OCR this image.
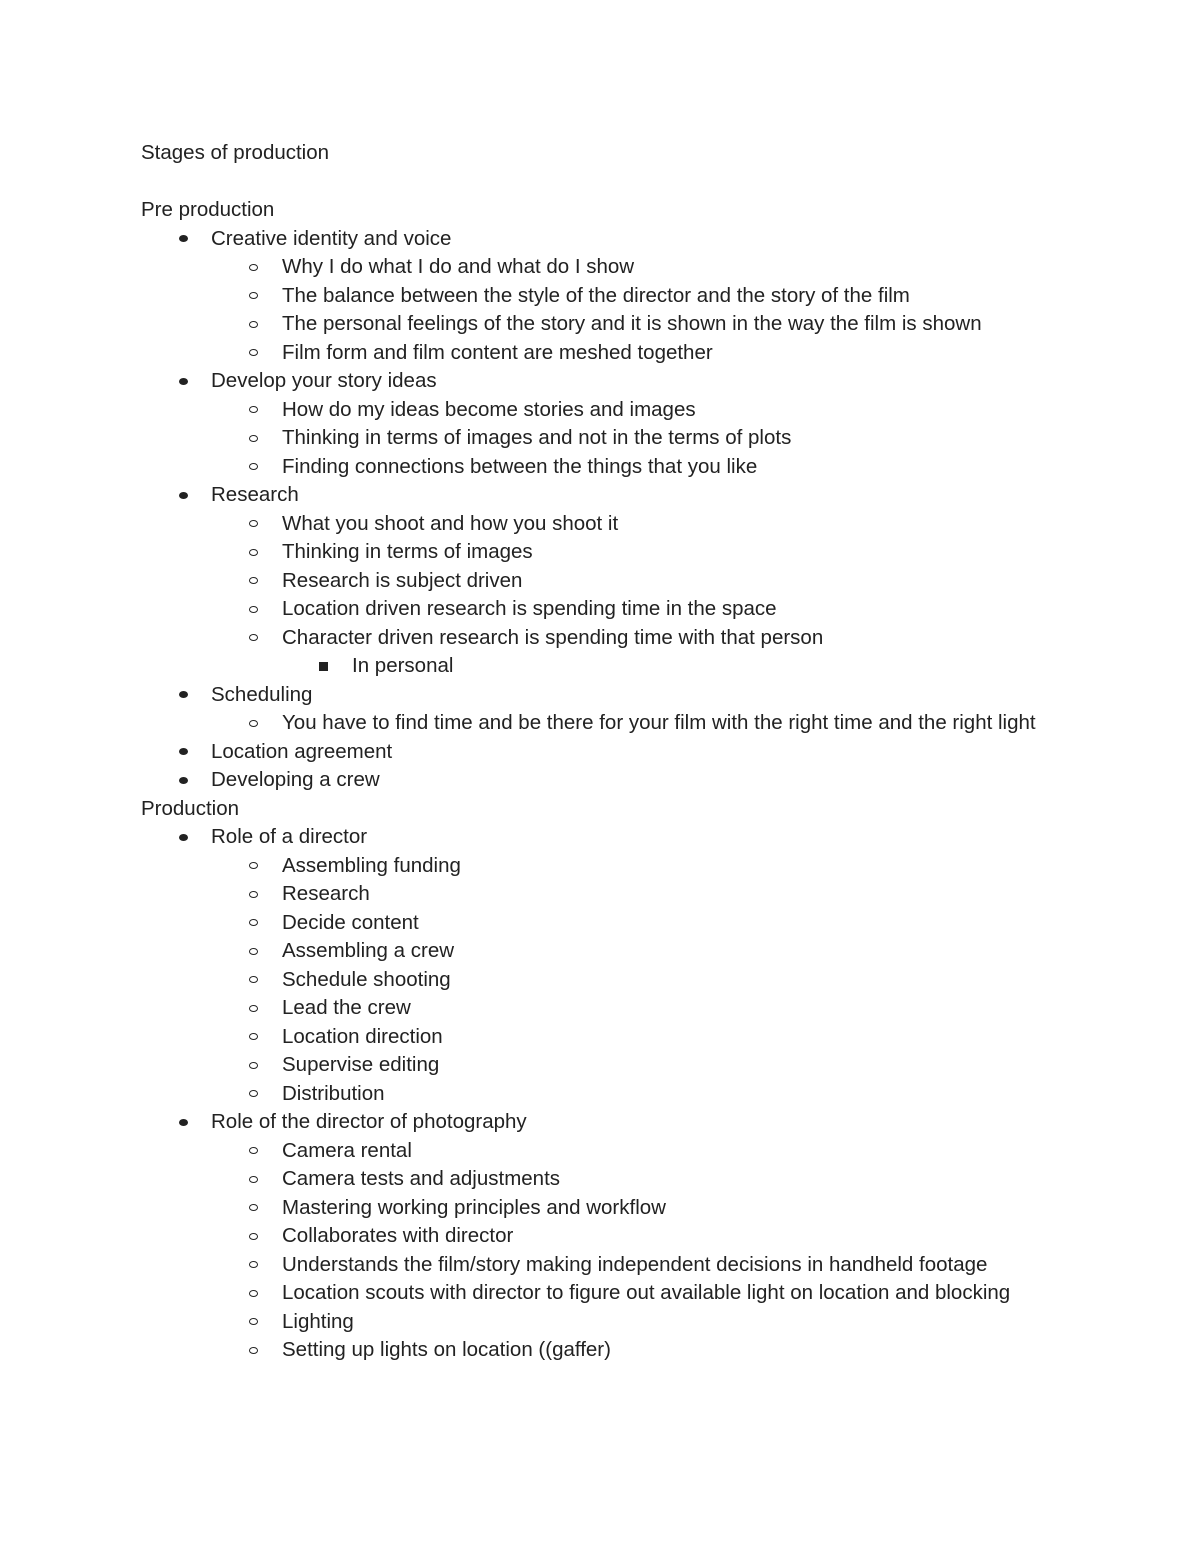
Stages of production
Pre production
Creative identity and voice
Why I do what I do and what do I show
The balance between the style of the director and the story of the film
The personal feelings of the story and it is shown in the way the film is shown
Film form and film content are meshed together
Develop your story ideas
How do my ideas become stories and images
Thinking in terms of images and not in the terms of plots
Finding connections between the things that you like
Research
What you shoot and how you shoot it
Thinking in terms of images
Research is subject driven
Location driven research is spending time in the space
Character driven research is spending time with that person
In personal
Scheduling
You have to find time and be there for your film with the right time and the right light
Location agreement
Developing a crew
Production
Role of a director
Assembling funding
Research
Decide content
Assembling a crew
Schedule shooting
Lead the crew
Location direction
Supervise editing
Distribution
Role of the director of photography
Camera rental
Camera tests and adjustments
Mastering working principles and workflow
Collaborates with director
Understands the film/story making independent decisions in handheld footage
Location scouts with director to figure out available light on location and blocking
Lighting
Setting up lights on location ((gaffer)
